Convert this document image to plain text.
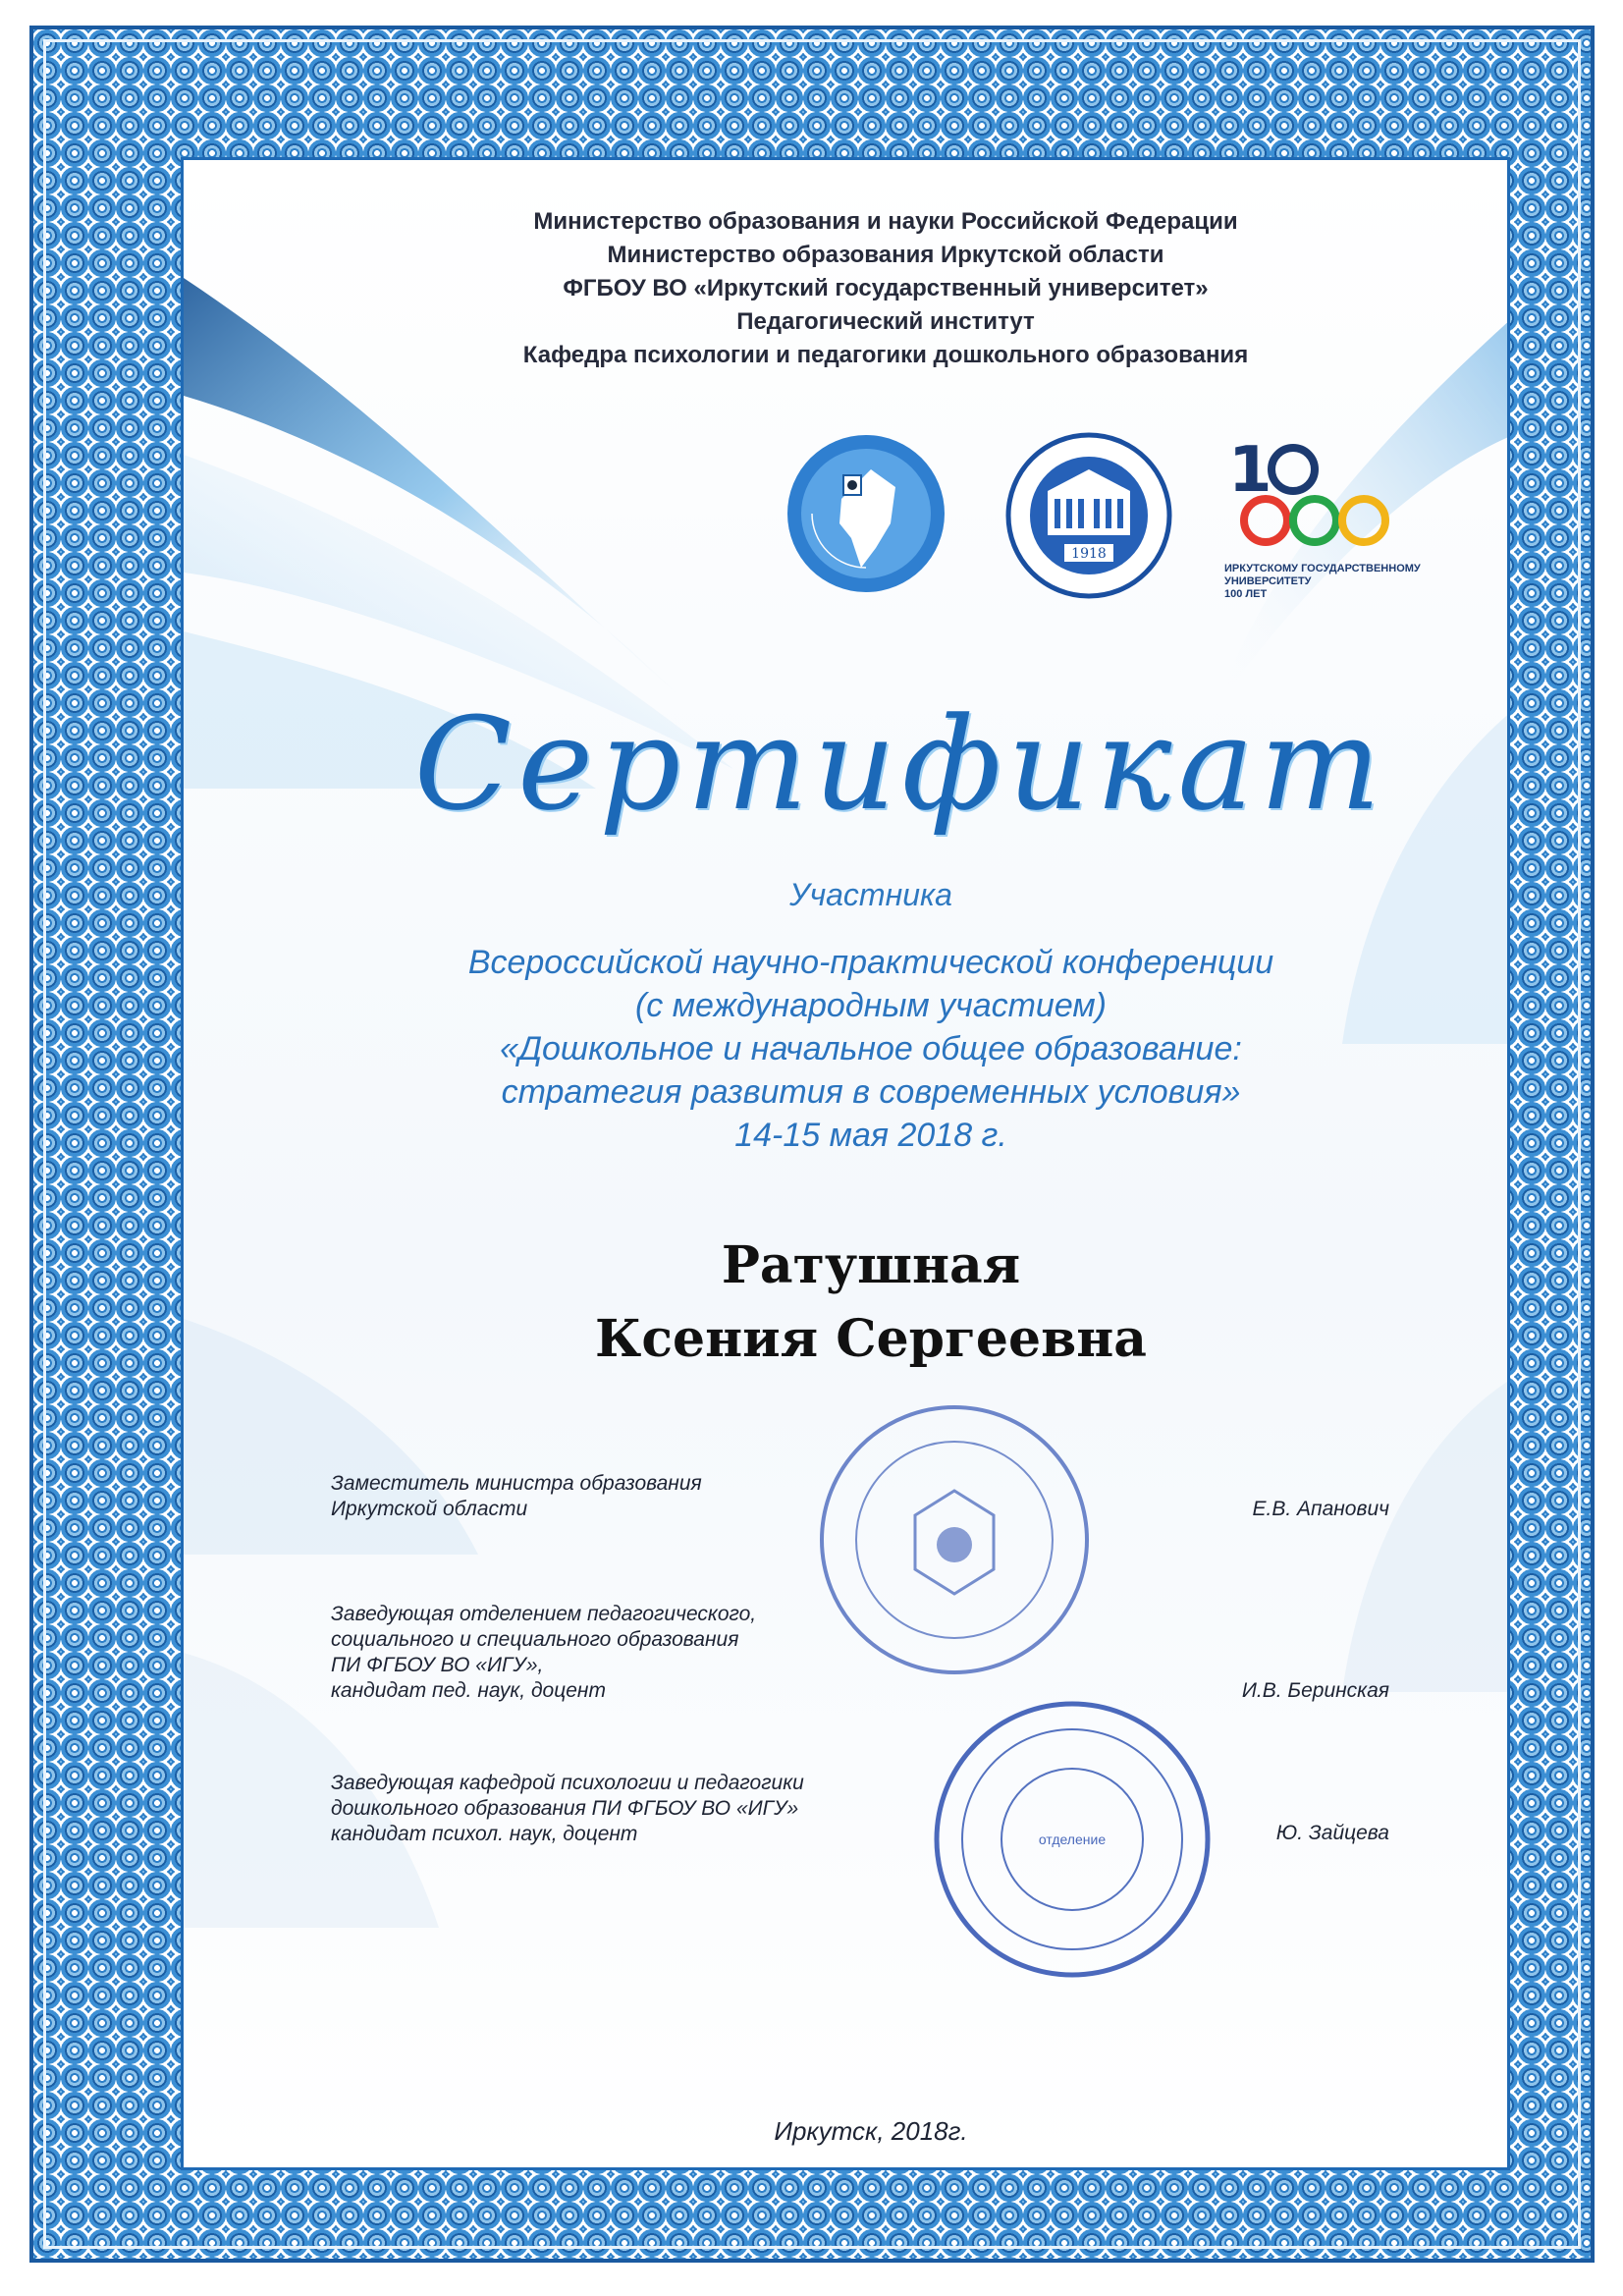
Министерство образования и науки Российской Федерации
Министерство образования Иркутской области
ФГБОУ ВО «Иркутский государственный университет»
Педагогический институт
Кафедра психологии и педагогики дошкольного образования
1918
1
ИРКУТСКОМУ ГОСУДАРСТВЕННОМУ
УНИВЕРСИТЕТУ
100 ЛЕТ
Сертификат
Участника
Всероссийской научно-практической конференции
(с международным участием)
«Дошкольное и начальное общее образование:
стратегия развития в современных условия»
14-15 мая 2018 г.
Ратушная
Ксения Сергеевна
отделение
Заместитель министра образования
Иркутской области	Е.В. Апанович
Заведующая отделением педагогического,
социального и специального образования
ПИ ФГБОУ ВО «ИГУ»,
кандидат пед. наук, доцент	И.В. Беринская
Заведующая кафедрой психологии и педагогики
дошкольного образования ПИ ФГБОУ ВО «ИГУ»
кандидат психол. наук, доцент	Ю. Зайцева
Иркутск, 2018г.
